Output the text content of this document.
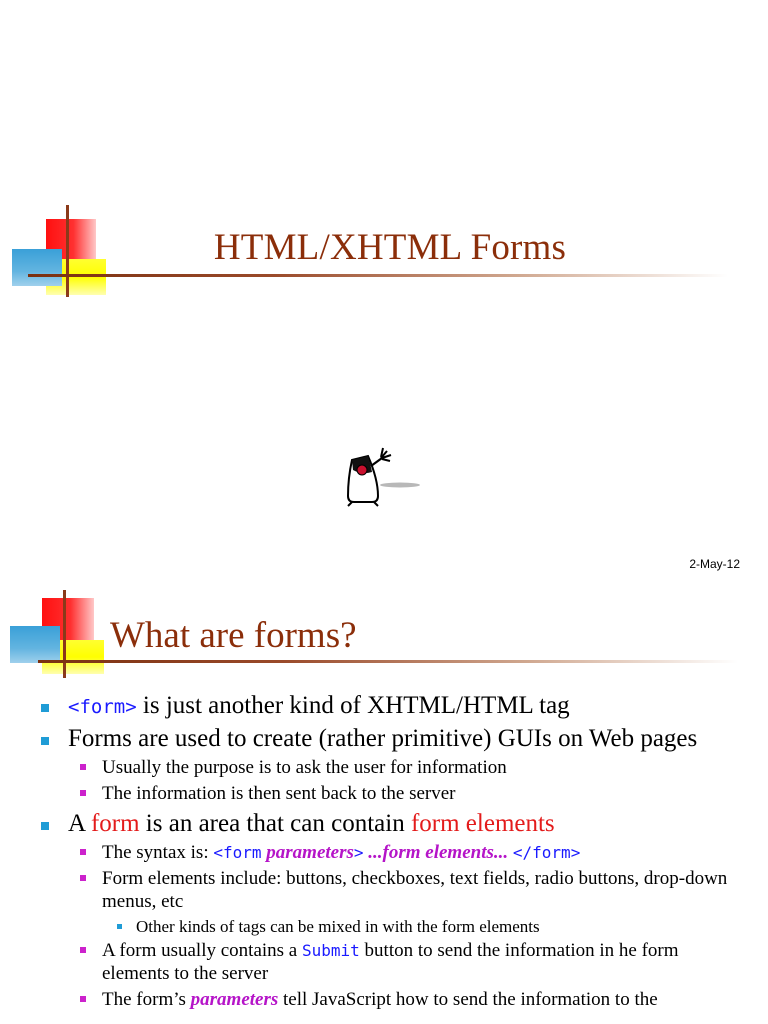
HTML/XHTML Forms
2-May-12
What are forms?
<form> is just another kind of XHTML/HTML tag
Forms are used to create (rather primitive) GUIs on Web pages
Usually the purpose is to ask the user for information
The information is then sent back to the server
A form is an area that can contain form elements
The syntax is: <form parameters> ...form elements... </form>
Form elements include: buttons, checkboxes, text fields, radio buttons, drop-down menus, etc
Other kinds of tags can be mixed in with the form elements
A form usually contains a Submit button to send the information in he form elements to the server
The form’s parameters tell JavaScript how to send the information to the
